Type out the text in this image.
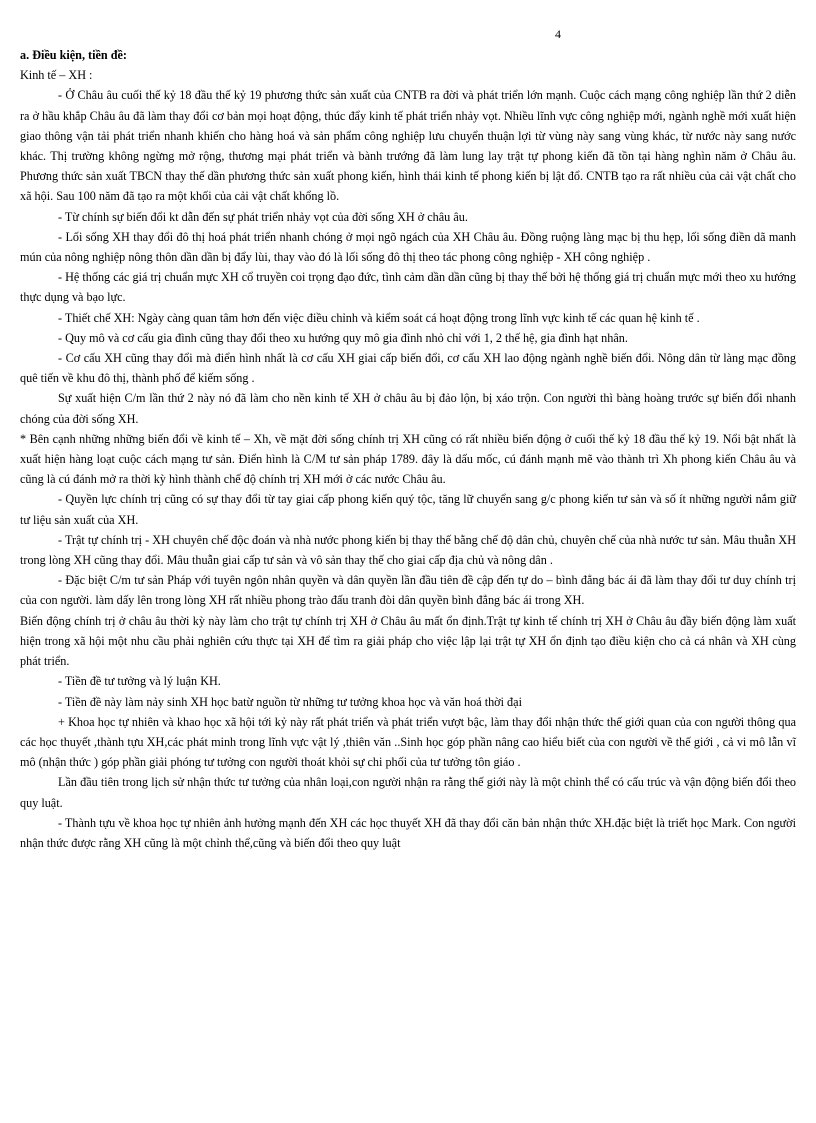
4

a. Điều kiện, tiền đề:

Kinh tế – XH :

- Ở Châu âu cuối thế kỷ 18 đầu thế kỷ 19 phương thức sản xuất của CNTB ra đời và phát triển lớn mạnh. Cuộc cách mạng công nghiệp lần thứ 2 diễn ra ở hầu khắp Châu âu đã làm thay đổi cơ bản mọi hoạt động, thúc đẩy kinh tế phát triển nhảy vọt. Nhiều lĩnh vực công nghiệp mới, ngành nghề mới xuất hiện giao thông vận tải phát triển nhanh khiến cho hàng hoá và sản phẩm công nghiệp lưu chuyển thuận lợi từ vùng này sang vùng khác, từ nước này sang nước khác. Thị trường không ngừng mở rộng, thương mại phát triển và bành trướng đã làm lung lay trật tự phong kiến đã tồn tại hàng nghìn năm ở Châu âu. Phương thức sản xuất TBCN thay thế dần phương thức sản xuất phong kiến, hình thái kinh tế phong kiến bị lật đổ. CNTB tạo ra rất nhiều của cải vật chất cho xã hội. Sau 100 năm đã tạo ra một khối của cải vật chất khổng lồ.

- Từ chính sự biến đổi kt dẫn đến sự phát triển nhảy vọt của đời sống XH ở châu âu.

- Lối sống XH thay đổi đô thị hoá phát triển nhanh chóng ở mọi ngõ ngách của XH Châu âu. Đồng ruộng làng mạc bị thu hẹp, lối sống điền dã manh mún của nông nghiệp nông thôn dần dần bị đẩy lùi, thay vào đó là lối sống đô thị theo tác phong công nghiệp - XH công nghiệp .

- Hệ thống các giá trị chuẩn mực XH cổ truyền coi trọng đạo đức, tình cảm dần dần cũng bị thay thế bởi hệ thống giá trị chuẩn mực mới theo xu hướng thực dụng và bạo lực.

- Thiết chế XH: Ngày càng quan tâm hơn đến việc điều chỉnh và kiểm soát cá hoạt động trong lĩnh vực kinh tế các quan hệ kinh tế .

- Quy mô và cơ cấu gia đình cũng thay đổi theo xu hướng quy mô gia đình nhỏ chỉ với 1, 2 thế hệ, gia đình hạt nhân.

- Cơ cấu XH cũng thay đổi mà điển hình nhất là cơ cấu XH giai cấp biến đổi, cơ cấu XH lao động ngành nghề biến đổi. Nông dân từ làng mạc đồng quê tiến về khu đô thị, thành phố để kiếm sống .

Sự xuất hiện C/m lần thứ 2 này nó đã làm cho nền kinh tế XH ở châu âu bị đảo lộn, bị xáo trộn. Con người thì bàng hoàng trước sự biến đổi nhanh chóng của đời sống XH.

* Bên cạnh những những biến đổi về kinh tế – Xh, về mặt đời sống chính trị XH cũng có rất nhiều biến động ở cuối thế kỷ 18 đầu thế kỷ 19. Nổi bật nhất là xuất hiện hàng loạt cuộc cách mạng tư sản. Điển hình là C/M tư sản pháp 1789. đây là dấu mốc, cú đánh mạnh mẽ vào thành trì Xh phong kiến Châu âu và cũng là cú đánh mở ra thời kỳ hình thành chế độ chính trị XH mới ở các nước Châu âu.

- Quyền lực chính trị cũng có sự thay đổi từ tay giai cấp phong kiến quý tộc, tăng lữ chuyển sang g/c phong kiến tư sản và số ít những người nắm giữ tư liệu sản xuất của XH.

- Trật tự chính trị - XH chuyên chế độc đoán và nhà nước phong kiến bị thay thế bằng chế độ dân chủ, chuyên chế của nhà nước tư sản. Mâu thuẫn XH trong lòng XH cũng thay đổi. Mâu thuẫn giai cấp tư sản và vô sản thay thế cho giai cấp địa chủ và nông dân .

- Đặc biệt C/m tư sản Pháp với tuyên ngôn nhân quyền và dân quyền lần đầu tiên đề cập đến tự do – bình đẳng bác ái đã làm thay đổi tư duy chính trị của con người. làm dấy lên trong lòng XH rất nhiều phong trào đấu tranh đòi dân quyền bình đẳng bác ái trong XH.

Biến động chính trị ở châu âu thời kỳ này làm cho trật tự chính trị XH ở Châu âu mất ổn định.Trật tự kinh tế chính trị XH ở Châu âu đầy biến động làm xuất hiện trong xã hội một nhu cầu phải nghiên cứu thực tại XH để tìm ra giải pháp cho việc lập lại trật tự XH ổn định tạo điều kiện cho cả cá nhân và XH cùng phát triển.

- Tiền đề tư tưởng và lý luận KH.

- Tiền đề này làm nảy sinh XH học batừ nguồn từ những tư tưởng khoa học và văn hoá thời đại

+ Khoa học tự nhiên và khao học xã hội tới kỷ này rất phát triển và phát triển vượt bậc, làm thay đổi nhận thức thế giới quan của con người thông qua các học thuyết ,thành tựu XH,các phát minh trong lĩnh vực vật lý ,thiên văn ..Sinh học góp phần nâng cao hiểu biết của con người về thế giới , cả vi mô lẫn vĩ mô (nhận thức ) góp phần giải phóng tư tưởng con người thoát khỏi sự chi phối của tư tưởng tôn giáo .

Lần đầu tiên trong lịch sử nhận thức tư tưởng của nhân loại,con người nhận ra rằng thế giới này là một chỉnh thể có cấu trúc và vận động biến đổi theo quy luật.

- Thành tựu về khoa học tự nhiên ảnh hưởng mạnh đến XH các học thuyết XH đã thay đổi căn bản nhận thức XH.đặc biệt là triết học Mark. Con người nhận thức được rằng XH cũng là một chỉnh thể,cũng và biến đổi theo quy luật
